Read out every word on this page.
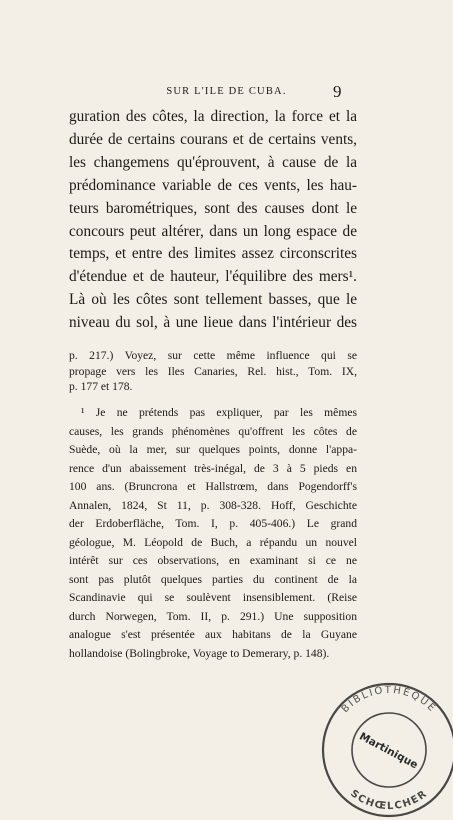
SUR L'ILE DE CUBA.	9
guration des côtes, la direction, la force et la
durée de certains courans et de certains vents,
les changemens qu'éprouvent, à cause de la
prédominance variable de ces vents, les hau-
teurs barométriques, sont des causes dont le
concours peut altérer, dans un long espace de
temps, et entre des limites assez circonscrites
d'étendue et de hauteur, l'équilibre des mers¹.
Là où les côtes sont tellement basses, que le
niveau du sol, à une lieue dans l'intérieur des
p. 217.) Voyez, sur cette même influence qui se
propage vers les Iles Canaries, Rel. hist., Tom. IX,
p. 177 et 178.
¹ Je ne prétends pas expliquer, par les mêmes
causes, les grands phénomènes qu'offrent les côtes de
Suède, où la mer, sur quelques points, donne l'appa-
rence d'un abaissement très-inégal, de 3 à 5 pieds en
100 ans. (Bruncrona et Hallstrœm, dans Pogendorff's
Annalen, 1824, St 11, p. 308-328. Hoff, Geschichte
der Erdoberfläche, Tom. I, p. 405-406.) Le grand
géologue, M. Léopold de Buch, a répandu un nouvel
intérêt sur ces observations, en examinant si ce ne
sont pas plutôt quelques parties du continent de la
Scandinavie qui se soulèvent insensiblement. (Reise
durch Norwegen, Tom. II, p. 291.) Une supposition
analogue s'est présentée aux habitans de la Guyane
hollandoise (Bolingbroke, Voyage to Demerary, p. 148).
BIBLIOTHÈQUE
Martinique
SCHŒLCHER
